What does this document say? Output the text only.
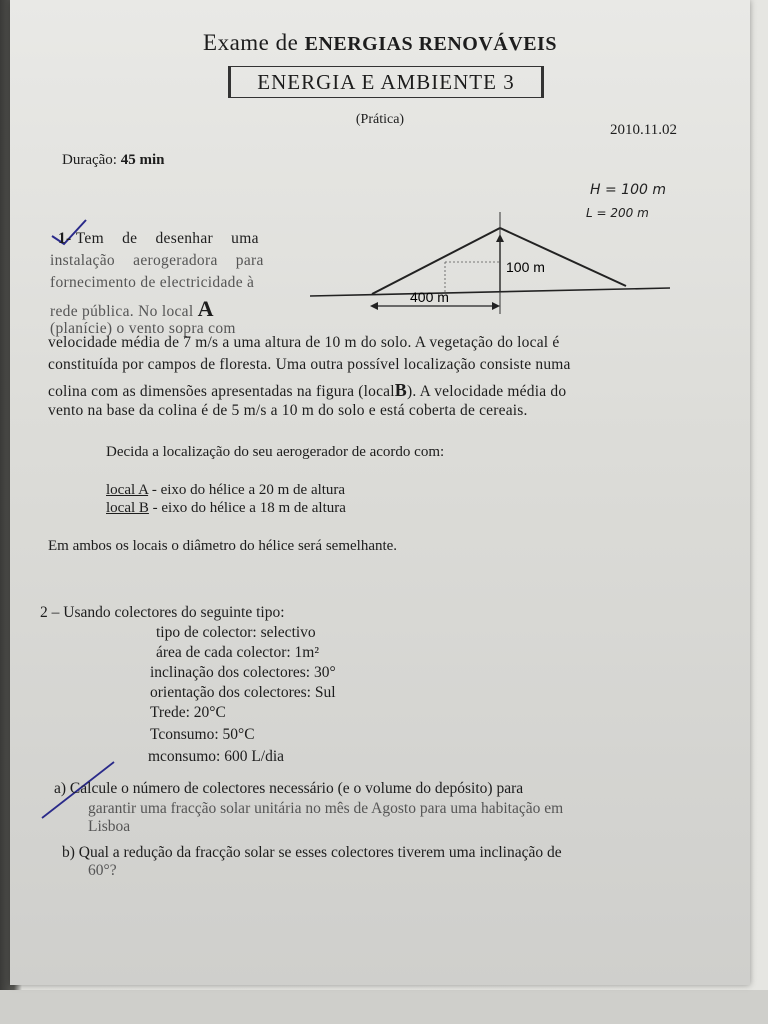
Exame de ENERGIAS RENOVÁVEIS
ENERGIA E AMBIENTE 3
(Prática)
2010.11.02
Duração: 45 min
H = 100 m
L = 200 m
100 m
400 m
1- Tem de desenhar uma
instalação aerogeradora para
fornecimento de electricidade à
rede pública. No local A
(planície) o vento sopra com
velocidade média de 7 m/s a uma altura de 10 m do solo. A vegetação do local é
constituída por campos de floresta. Uma outra possível localização consiste numa
colina com as dimensões apresentadas na figura (localB). A velocidade média do
vento na base da colina é de 5 m/s a 10 m do solo e está coberta de cereais.
Decida a localização do seu aerogerador de acordo com:
local A - eixo do hélice a 20 m de altura
local B - eixo do hélice a 18 m de altura
Em ambos os locais o diâmetro do hélice será semelhante.
2 – Usando colectores do seguinte tipo:
tipo de colector: selectivo
área de cada colector: 1m²
inclinação dos colectores: 30°
orientação dos colectores: Sul
Trede: 20°C
Tconsumo: 50°C
mconsumo: 600 L/dia
a) Calcule o número de colectores necessário (e o volume do depósito) para
garantir uma fracção solar unitária no mês de Agosto para uma habitação em
Lisboa
b) Qual a redução da fracção solar se esses colectores tiverem uma inclinação de
60°?
